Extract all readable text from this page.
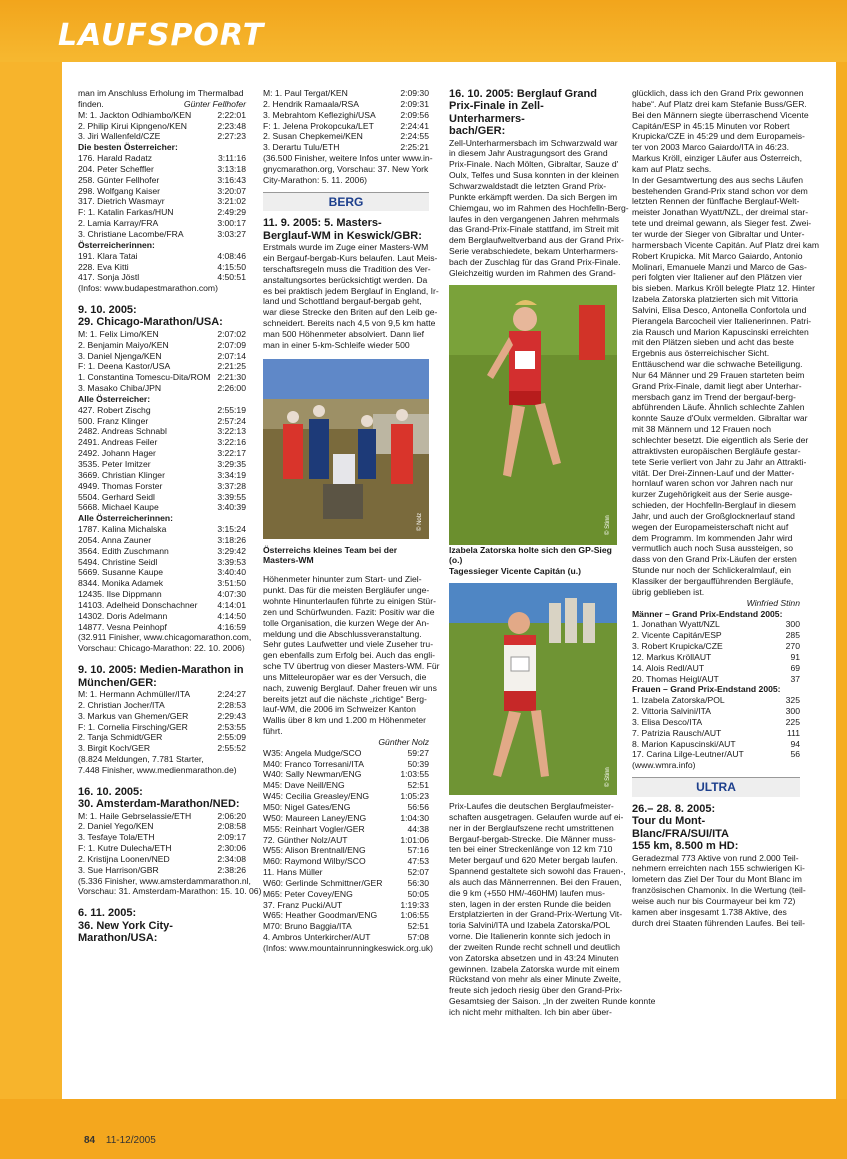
LAUFSPORT
84 11-12/2005
man im Anschluss Erholung im Thermalbad
finden.	Günter Fellhofer
M: 1. Jackton Odhiambo/KEN	2:22:01
2. Philip Kirui Kipngeno/KEN	2:23:48
3. Jiri Wallenfeld/CZE	2:27:23
Die besten Österreicher:
176. Harald Radatz	3:11:16
204. Peter Scheffler	3:13:18
258. Günter Fellhofer	3:16:43
298. Wolfgang Kaiser	3:20:07
317. Dietrich Wasmayr	3:21:02
F: 1. Katalin Farkas/HUN	2:49:29
2. Lamia Karray/FRA	3:00:17
3. Christiane Lacombe/FRA	3:03:27
Österreicherinnen:
191. Klara Tatai	4:08:46
228. Eva Kitti	4:15:50
417. Sonja Jöstl	4:50:51
(Infos: www.budapestmarathon.com)
9. 10. 2005:
29. Chicago-Marathon/USA:
M: 1. Felix Limo/KEN	2:07:02
2. Benjamin Maiyo/KEN	2:07:09
3. Daniel Njenga/KEN	2:07:14
F: 1. Deena Kastor/USA	2:21:25
1. Constantina Tomescu-Dita/ROM 2:21:30
3. Masako Chiba/JPN	2:26:00
Alle Österreicher:
427. Robert Zischg	2:55:19
500. Franz Klinger	2:57:24
2482. Andreas Schnabl	3:22:13
2491. Andreas Feiler	3:22:16
2492. Johann Hager	3:22:17
3535. Peter Imitzer	3:29:35
3669. Christian Klinger	3:34:19
4949. Thomas Forster	3:37:28
5504. Gerhard Seidl	3:39:55
5668. Michael Kaupe	3:40:39
Alle Österreicherinnen:
1787. Kalina Michalska	3:15:24
2054. Anna Zauner	3:18:26
3564. Edith Zuschmann	3:29:42
5494. Christine Seidl	3:39:53
5669. Susanne Kaupe	3:40:40
8344. Monika Adamek	3:51:50
12435. Ilse Dippmann	4:07:30
14103. Adelheid Donschachner 4:14:01
14302. Doris Adelmann	4:14:50
14877. Vesna Peinhopf	4:16:59
(32.911 Finisher, www.chicagomarathon.com,
Vorschau: Chicago-Marathon: 22. 10. 2006)
9. 10. 2005: Medien-Marathon in
München/GER:
M: 1. Hermann Achmüller/ITA	2:24:27
2. Christian Jocher/ITA	2:28:53
3. Markus van Ghemen/GER	2:29:43
F: 1. Cornelia Firsching/GER	2:53:55
2. Tanja Schmidt/GER	2:55:09
3. Birgit Koch/GER	2:55:52
(8.824 Meldungen, 7.781 Starter,
7.448 Finisher, www.medienmarathon.de)
16. 10. 2005:
30. Amsterdam-Marathon/NED:
M: 1. Haile Gebrselassie/ETH	2:06:20
2. Daniel Yego/KEN	2:08:58
3. Tesfaye Tola/ETH	2:09:17
F: 1. Kutre Dulecha/ETH	2:30:06
2. Kristijna Loonen/NED	2:34:08
3. Sue Harrison/GBR	2:38:26
(5.336 Finisher, www.amsterdammarathon.nl,
Vorschau: 31. Amsterdam-Marathon: 15. 10. 06)
6. 11. 2005:
36. New York City-Marathon/USA:
M: 1. Paul Tergat/KEN	2:09:30
2. Hendrik Ramaala/RSA	2:09:31
3. Mebrahtom Keflezighi/USA	2:09:56
F: 1. Jelena Prokopcuka/LET	2:24:41
2. Susan Chepkemei/KEN	2:24:55
3. Derartu Tulu/ETH	2:25:21
(36.500 Finisher, weitere Infos unter www.in-
gnycmarathon.org, Vorschau: 37. New York
City-Marathon: 5. 11. 2006)
BERG
11. 9. 2005: 5. Masters-
Berglauf-WM in Keswick/GBR:
Erstmals wurde im Zuge einer Masters-WM
ein Bergauf-bergab-Kurs belaufen. Laut Meis-
terschaftsregeln muss die Tradition des Ver-
anstaltungsortes berücksichtigt werden. Da
es bei praktisch jedem Berglauf in England, Ir-
land und Schottland bergauf-bergab geht,
war diese Strecke den Briten auf den Leib ge-
schneidert. Bereits nach 4,5 von 9,5 km hatte
man 500 Höhenmeter absolviert. Dann lief
man in einer 5-km-Schleife wieder 500
© Nolz
Österreichs kleines Team bei der
Masters-WM
Höhenmeter hinunter zum Start- und Ziel-
punkt. Das für die meisten Bergläufer unge-
wohnte Hinunterlaufen führte zu einigen Stür-
zen und Schürfwunden. Fazit: Positiv war die
tolle Organisation, die kurzen Wege der An-
meldung und die Abschlussveranstaltung.
Sehr gutes Laufwetter und viele Zuseher tru-
gen ebenfalls zum Erfolg bei. Auch das engli-
sche TV übertrug von dieser Masters-WM. Für
uns Mitteleuropäer war es der Versuch, die
nach, zuwenig Berglauf. Daher freuen wir uns
bereits jetzt auf die nächste „richtige“ Berg-
lauf-WM, die 2006 im Schweizer Kanton
Wallis über 8 km und 1.200 m Höhenmeter
führt.
Günther Nolz
W35: Angela Mudge/SCO	59:27
M40: Franco Torresani/ITA	50:39
W40: Sally Newman/ENG	1:03:55
M45: Dave Neill/ENG	52:51
W45: Cecilia Greasley/ENG	1:05:23
M50: Nigel Gates/ENG	56:56
W50: Maureen Laney/ENG	1:04:30
M55: Reinhart Vogler/GER	44:38
72. Günther Nolz/AUT	1:01:06
W55: Alison Brentnall/ENG	57:16
M60: Raymond Wilby/SCO	47:53
11. Hans Müller	52:07
W60: Gerlinde Schmittner/GER	56:30
M65: Peter Covey/ENG	50:05
37. Franz Pucki/AUT	1:19:33
W65: Heather Goodman/ENG	1:06:55
M70: Bruno Baggia/ITA	52:51
4. Ambros Unterkircher/AUT	57:08
(Infos: www.mountainrunningkeswick.org.uk)
16. 10. 2005: Berglauf Grand
Prix-Finale in Zell-Unterharmers-
bach/GER:
Zell-Unterharmersbach im Schwarzwald war
in diesem Jahr Austragungsort des Grand
Prix-Finale. Nach Mölten, Gibraltar, Sauze d'
Oulx, Telfes und Susa konnten in der kleinen
Schwarzwaldstadt die letzten Grand Prix-
Punkte erkämpft werden. Da sich Bergen im
Chiemgau, wo im Rahmen des Hochfelln-Berg-
laufes in den vergangenen Jahren mehrmals
das Grand-Prix-Finale stattfand, im Streit mit
dem Berglaufweltverband aus der Grand Prix-
Serie verabschiedete, bekam Unterharmers-
bach der Zuschlag für das Grand Prix-Finale.
Gleichzeitig wurden im Rahmen des Grand-
© Stinn
Izabela Zatorska holte sich den GP-Sieg (o.)
Tagessieger Vicente Capitán (u.)
© Stinn
Prix-Laufes die deutschen Berglaufmeister-
schaften ausgetragen. Gelaufen wurde auf ei-
ner in der Berglaufszene recht umstrittenen
Bergauf-bergab-Strecke. Die Männer muss-
ten bei einer Streckenlänge von 12 km 710
Meter bergauf und 620 Meter bergab laufen.
Spannend gestaltete sich sowohl das Frauen-,
als auch das Männerrennen. Bei den Frauen,
die 9 km (+550 HM/-460HM) laufen mus-
sten, lagen in der ersten Runde die beiden
Erstplatzierten in der Grand-Prix-Wertung Vit-
toria Salvini/ITA und Izabela Zatorska/POL
vorne. Die Italienerin konnte sich jedoch in
der zweiten Runde recht schnell und deutlich
von Zatorska absetzen und in 43:24 Minuten
gewinnen. Izabela Zatorska wurde mit einem
Rückstand von mehr als einer Minute Zweite,
freute sich jedoch riesig über den Grand-Prix-
Gesamtsieg der Saison. „In der zweiten Runde konnte
ich nicht mehr mithalten. Ich bin aber über-
glücklich, dass ich den Grand Prix gewonnen
habe“. Auf Platz drei kam Stefanie Buss/GER.
Bei den Männern siegte überraschend Vicente
Capitán/ESP in 45:15 Minuten vor Robert
Krupicka/CZE in 45:29 und dem Europameis-
ter von 2003 Marco Gaiardo/ITA in 46:23.
Markus Kröll, einziger Läufer aus Österreich,
kam auf Platz sechs.
In der Gesamtwertung des aus sechs Läufen
bestehenden Grand-Prix stand schon vor dem
letzten Rennen der fünffache Berglauf-Welt-
meister Jonathan Wyatt/NZL, der dreimal star-
tete und dreimal gewann, als Sieger fest. Zwei-
ter wurde der Sieger von Gibraltar und Unter-
harmersbach Vicente Capitán. Auf Platz drei kam
Robert Krupicka. Mit Marco Gaiardo, Antonio
Molinari, Emanuele Manzi und Marco de Gas-
peri folgten vier Italiener auf den Plätzen vier
bis sieben. Markus Kröll belegte Platz 12. Hinter
Izabela Zatorska platzierten sich mit Vittoria
Salvini, Elisa Desco, Antonella Confortola und
Pierangela Barcocheil vier Italienerinnen. Patri-
zia Rausch und Marion Kapuscinski erreichten
mit den Plätzen sieben und acht das beste
Ergebnis aus österreichischer Sicht.
Enttäuschend war die schwache Beteiligung.
Nur 64 Männer und 29 Frauen starteten beim
Grand Prix-Finale, damit liegt aber Unterhar-
mersbach ganz im Trend der bergauf-berg-
abführenden Läufe. Ähnlich schlechte Zahlen
konnte Sauze d'Oulx vermelden. Gibraltar war
mit 38 Männern und 12 Frauen noch
schlechter besetzt. Die eigentlich als Serie der
attraktivsten europäischen Bergläufe gestar-
tete Serie verliert von Jahr zu Jahr an Attrakti-
vität. Der Drei-Zinnen-Lauf und der Matter-
hornlauf waren schon vor Jahren nach nur
kurzer Zugehörigkeit aus der Serie ausge-
schieden, der Hochfelln-Berglauf in diesem
Jahr, und auch der Großglocknerlauf stand
wegen der Europameisterschaft nicht auf
dem Programm. Im kommenden Jahr wird
vermutlich auch noch Susa aussteigen, so
dass von den Grand Prix-Läufen der ersten
Stunde nur noch der Schlickeralmlauf, ein
Klassiker der bergaufführenden Bergläufe,
übrig geblieben ist.
Winfried Stinn
Männer – Grand Prix-Endstand 2005:
1. Jonathan Wyatt/NZL	300
2. Vicente Capitán/ESP	285
3. Robert Krupicka/CZE	270
12. Markus KröllAUT	91
14. Alois Redl/AUT	69
20. Thomas Heigl/AUT	37
Frauen – Grand Prix-Endstand 2005:
1. Izabela Zatorska/POL	325
2. Vittoria Salvini/ITA	300
3. Elisa Desco/ITA	225
7. Patrizia Rausch/AUT	111
8. Marion Kapuscinski/AUT	94
17. Carina Lilge-Leutner/AUT	56
(www.wmra.info)
ULTRA
26.– 28. 8. 2005:
Tour du Mont-Blanc/FRA/SUI/ITA
155 km, 8.500 m HD:
Geradezmal 773 Aktive von rund 2.000 Teil-
nehmern erreichten nach 155 schwierigen Ki-
lometern das Ziel Der Tour du Mont Blanc im
französischen Chamonix. In die Wertung (teil-
weise auch nur bis Courmayeur bei km 72)
kamen aber insgesamt 1.738 Aktive, des
durch drei Staaten führenden Laufes. Bei teil-
